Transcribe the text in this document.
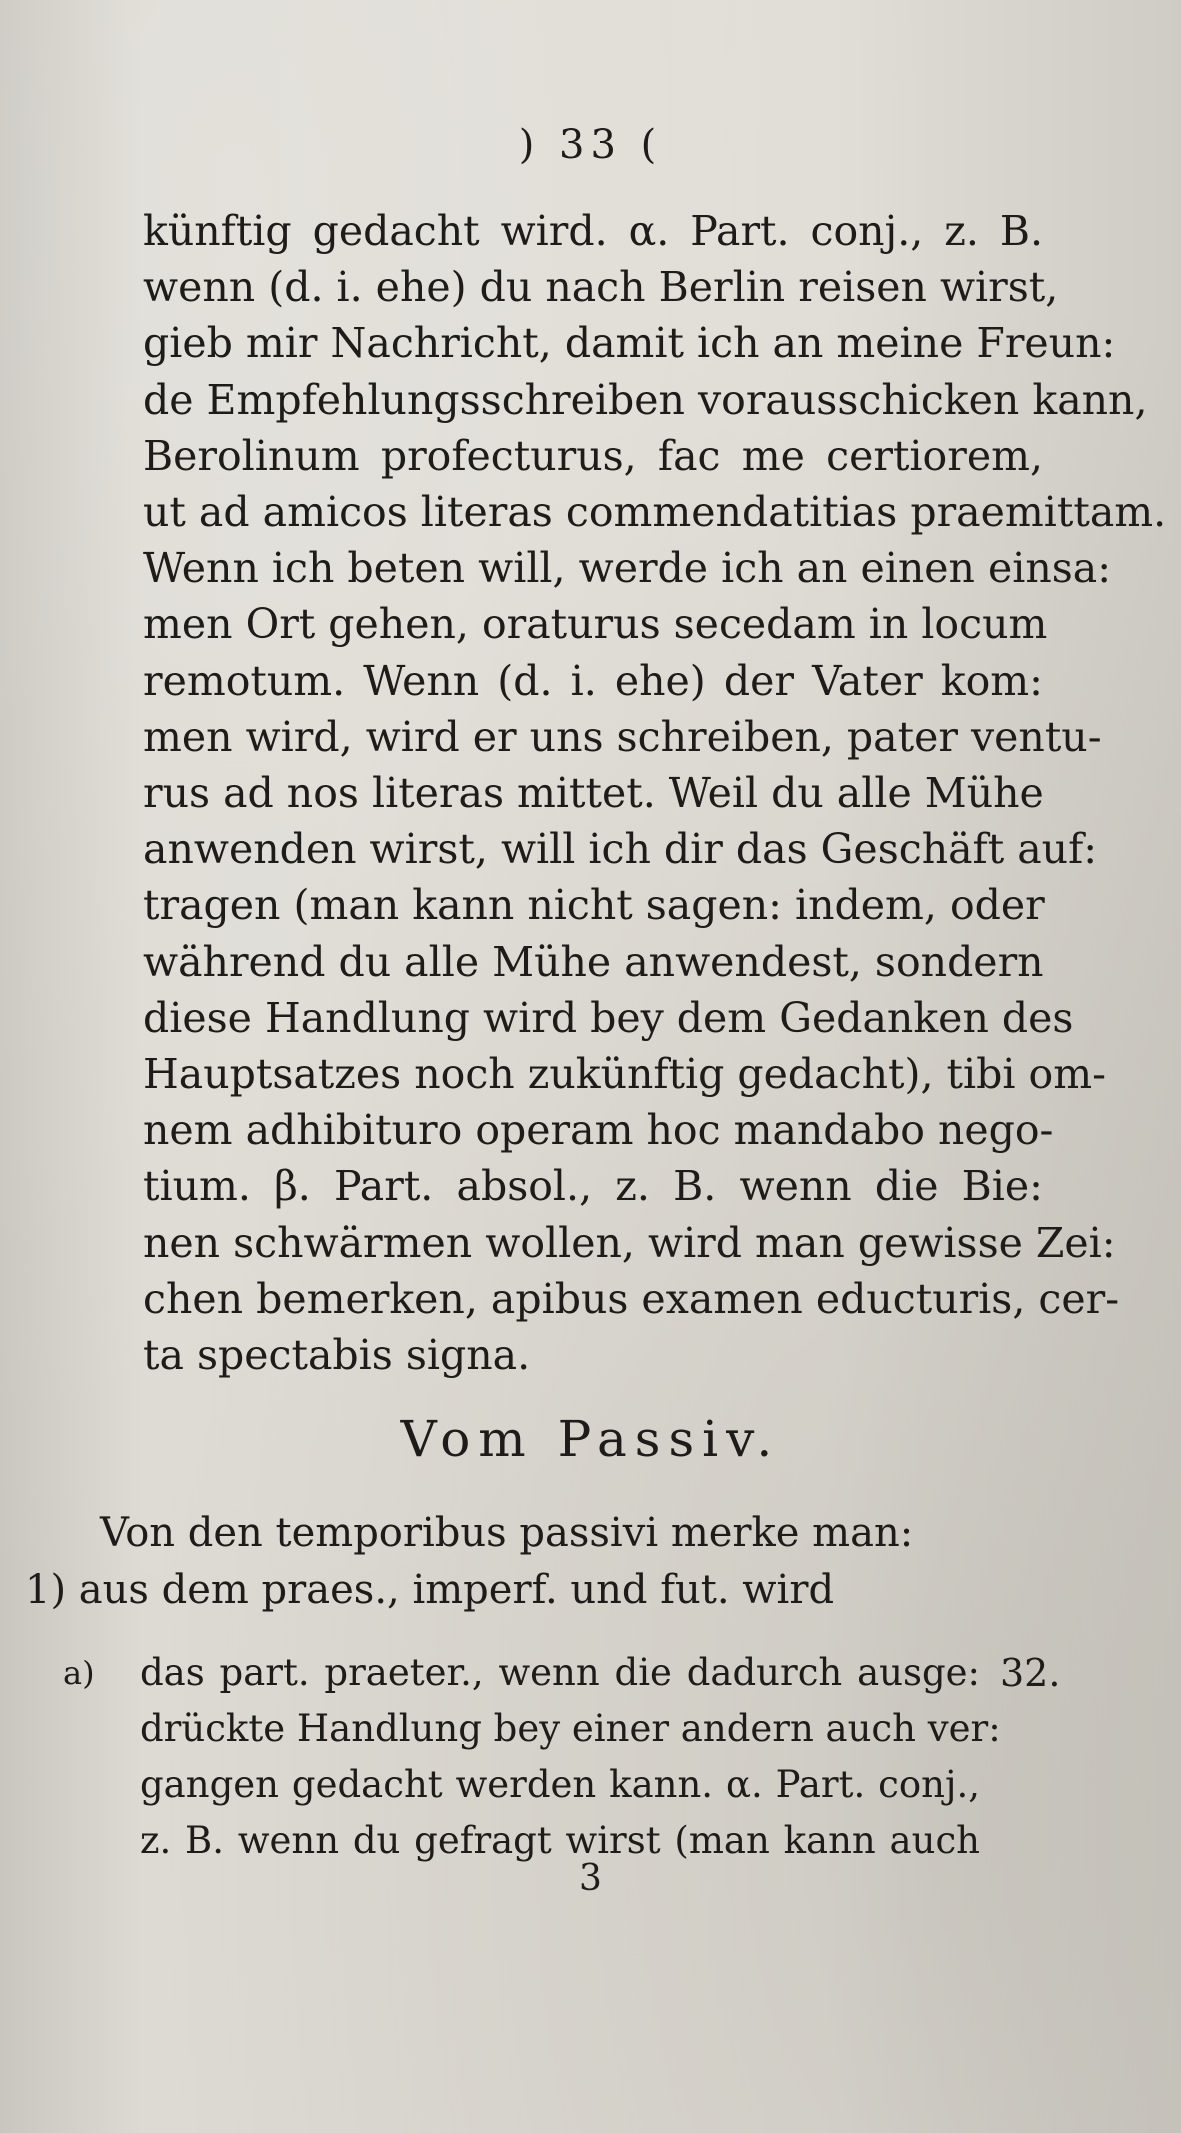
) 33 (
künftig gedacht wird. α. Part. conj., z. B.
wenn (d. i. ehe) du nach Berlin reisen wirst,
gieb mir Nachricht, damit ich an meine Freun:
de Empfehlungsschreiben vorausschicken kann,
Berolinum profecturus, fac me certiorem,
ut ad amicos literas commendatitias praemittam.
Wenn ich beten will, werde ich an einen einsa:
men Ort gehen, oraturus secedam in locum
remotum. Wenn (d. i. ehe) der Vater kom:
men wird, wird er uns schreiben, pater ventu-
rus ad nos literas mittet. Weil du alle Mühe
anwenden wirst, will ich dir das Geschäft auf:
tragen (man kann nicht sagen: indem, oder
während du alle Mühe anwendest, sondern
diese Handlung wird bey dem Gedanken des
Hauptsatzes noch zukünftig gedacht), tibi om-
nem adhibituro operam hoc mandabo nego-
tium. β. Part. absol., z. B. wenn die Bie:
nen schwärmen wollen, wird man gewisse Zei:
chen bemerken, apibus examen educturis, cer-
ta spectabis signa.
Vom Passiv.
Von den temporibus passivi merke man:
1) aus dem praes., imperf. und fut. wird
a)	32.
das part. praeter., wenn die dadurch ausge:
drückte Handlung bey einer andern auch ver:
gangen gedacht werden kann. α. Part. conj.,
z. B. wenn du gefragt wirst (man kann auch
3
